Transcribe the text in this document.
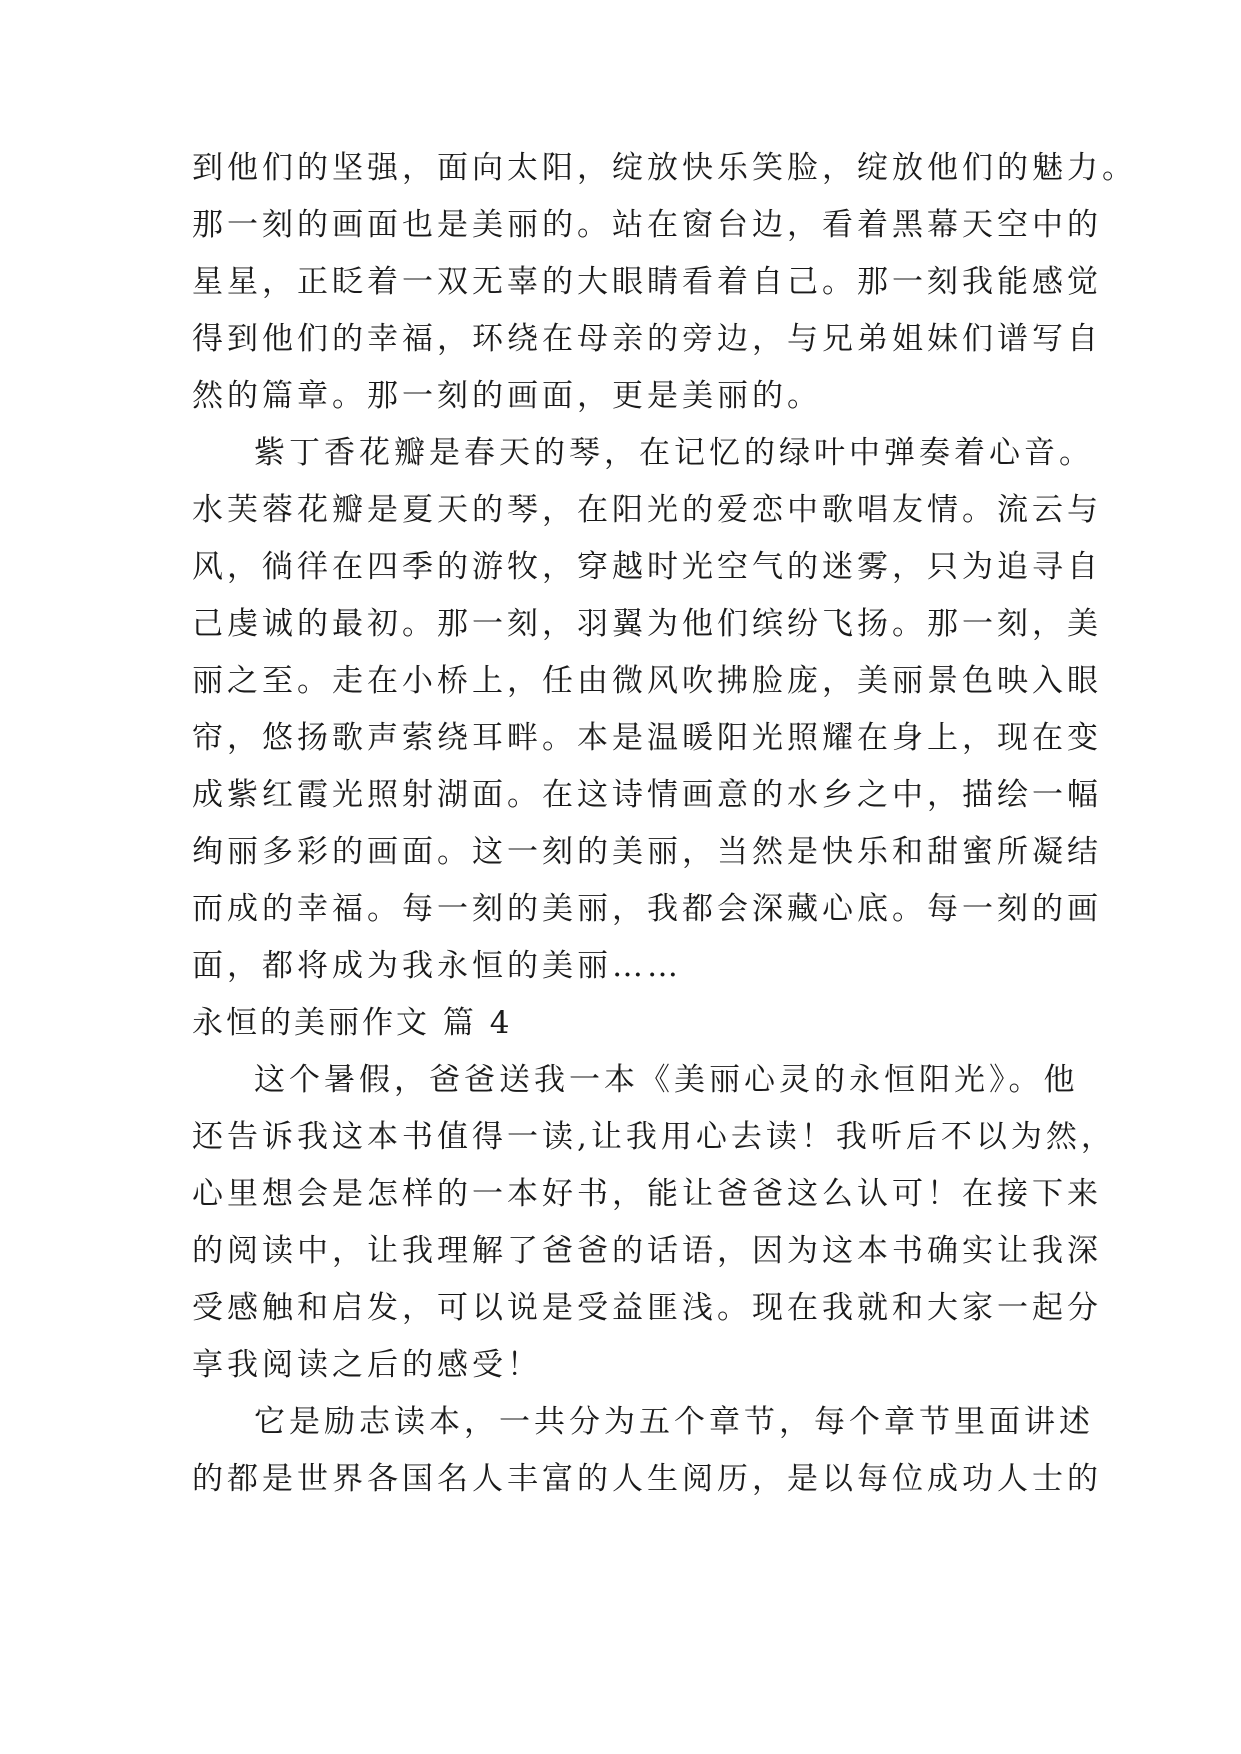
到他们的坚强，面向太阳，绽放快乐笑脸，绽放他们的魅力。
那一刻的画面也是美丽的。站在窗台边，看着黑幕天空中的
星星，正眨着一双无辜的大眼睛看着自己。那一刻我能感觉
得到他们的幸福，环绕在母亲的旁边，与兄弟姐妹们谱写自
然的篇章。那一刻的画面，更是美丽的。
紫丁香花瓣是春天的琴，在记忆的绿叶中弹奏着心音。
水芙蓉花瓣是夏天的琴，在阳光的爱恋中歌唱友情。流云与
风，徜徉在四季的游牧，穿越时光空气的迷雾，只为追寻自
己虔诚的最初。那一刻，羽翼为他们缤纷飞扬。那一刻，美
丽之至。走在小桥上，任由微风吹拂脸庞，美丽景色映入眼
帘，悠扬歌声萦绕耳畔。本是温暖阳光照耀在身上，现在变
成紫红霞光照射湖面。在这诗情画意的水乡之中，描绘一幅
绚丽多彩的画面。这一刻的美丽，当然是快乐和甜蜜所凝结
而成的幸福。每一刻的美丽，我都会深藏心底。每一刻的画
面，都将成为我永恒的美丽……
永恒的美丽作文 篇 4
这个暑假，爸爸送我一本《美丽心灵的永恒阳光》。他
还告诉我这本书值得一读,让我用心去读！我听后不以为然，
心里想会是怎样的一本好书，能让爸爸这么认可！在接下来
的阅读中，让我理解了爸爸的话语，因为这本书确实让我深
受感触和启发，可以说是受益匪浅。现在我就和大家一起分
享我阅读之后的感受！
它是励志读本，一共分为五个章节，每个章节里面讲述
的都是世界各国名人丰富的人生阅历，是以每位成功人士的
